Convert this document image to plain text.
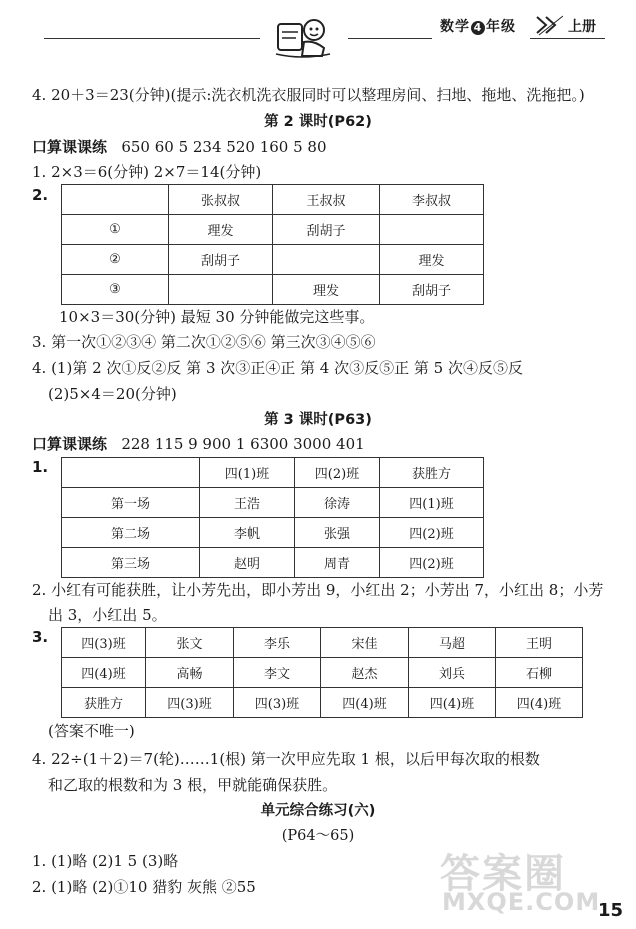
数学 4 年级	上册
4. 20＋3＝23(分钟)(提示:洗衣机洗衣服同时可以整理房间、扫地、拖地、洗拖把。)
第 2 课时(P62)
口算课课练 650 60 5 234 520 160 5 80
1. 2×3＝6(分钟) 2×7＝14(分钟)
2.
		张叔叔	王叔叔	李叔叔
①	理发	刮胡子	
②	刮胡子		理发
③		理发	刮胡子
10×3＝30(分钟) 最短 30 分钟能做完这些事。
3. 第一次①②③④ 第二次①②⑤⑥ 第三次③④⑤⑥
4. (1)第 2 次①反②反 第 3 次③正④正 第 4 次③反⑤正 第 5 次④反⑤反
(2)5×4＝20(分钟)
第 3 课时(P63)
口算课课练 228 115 9 900 1 6300 3000 401
1.
		四(1)班	四(2)班	获胜方
第一场	王浩	徐涛	四(1)班
第二场	李帆	张强	四(2)班
第三场	赵明	周青	四(2)班
2. 小红有可能获胜，让小芳先出，即小芳出 9，小红出 2；小芳出 7，小红出 8；小芳
出 3，小红出 5。
3.	四(3)班	张文	李乐	宋佳	马超	王明
四(4)班	高畅	李文	赵杰	刘兵	石柳
获胜方	四(3)班	四(3)班	四(4)班	四(4)班	四(4)班
(答案不唯一)
4. 22÷(1＋2)＝7(轮)……1(根) 第一次甲应先取 1 根，以后甲每次取的根数
和乙取的根数和为 3 根，甲就能确保获胜。
单元综合练习(六)
(P64～65)
1. (1)略 (2)1 5 (3)略
2. (1)略 (2)①10 猎豹 灰熊 ②55	答案圈
MXQE.COM
15
